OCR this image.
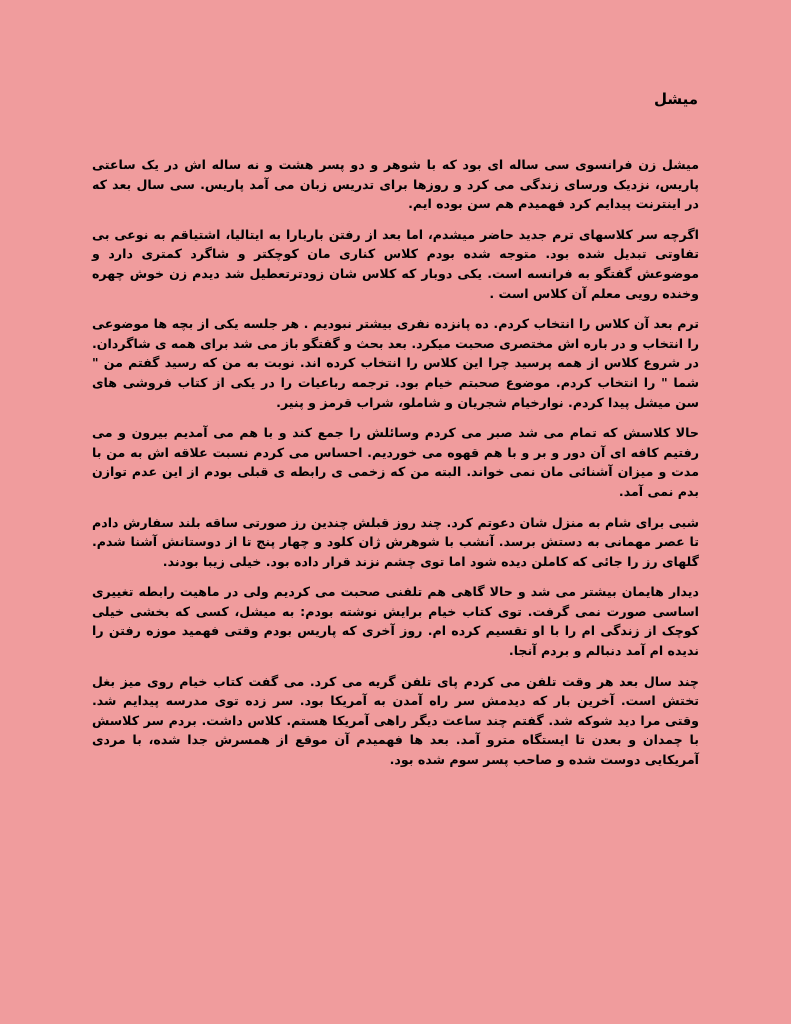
میشل

میشل زن فرانسوی سی ساله ای بود که با شوهر و دو پسر هشت و نه ساله اش در یک ساعتی پاریس، نزدیک ورسای زندگی می کرد و روزها برای تدریس زبان می آمد پاریس. سی سال بعد که در اینترنت پیدایم کرد فهمیدم هم سن بوده ایم.

اگرچه سر کلاسهای ترم جدید حاضر میشدم، اما بعد از رفتن باربارا به ایتالیا، اشتیاقم به نوعی بی تفاوتی تبدیل شده بود. متوجه شده بودم کلاس کناری مان کوچکتر و شاگرد کمتری دارد و موضوعش گفتگو به فرانسه است. یکی دوبار که کلاس شان زودترتعطیل شد دیدم زن خوش چهره وخنده رویی معلم آن کلاس است .

ترم بعد آن کلاس را انتخاب کردم. ده پانزده نفری بیشتر نبودیم . هر جلسه یکی از بچه ها موضوعی را انتخاب و در باره اش مختصری صحبت میکرد. بعد بحث و گفتگو باز می شد برای همه ی شاگردان. در شروع کلاس از همه پرسید چرا این کلاس را انتخاب کرده اند. نوبت به من که رسید گفتم من " شما " را انتخاب کردم. موضوع صحبتم خیام بود. ترجمه رباعیات را در یکی از کتاب فروشی های سن میشل پیدا کردم. نوارخیام شجریان و شاملو، شراب قرمز و پنیر.

حالا کلاسش که تمام می شد صبر می کردم وسائلش را جمع کند و با هم می آمدیم بیرون و می رفتیم کافه ای آن دور و بر و با هم قهوه می خوردیم. احساس می کردم نسبت علاقه اش به من با مدت و میزان آشنائی مان نمی خواند. البته من که زخمی ی رابطه ی قبلی بودم از این عدم توازن بدم نمی آمد.

شبی برای شام به منزل شان دعوتم کرد. چند روز قبلش چندین رز صورتی ساقه بلند سفارش دادم تا عصر مهمانی به دستش برسد. آنشب با شوهرش ژان کلود و چهار پنج تا از دوستانش آشنا شدم. گلهای رز را جائی که کاملن دیده شود اما توی چشم نزند قرار داده بود. خیلی زیبا بودند.

دیدار هایمان بیشتر می شد و حالا گاهی هم تلفنی صحبت می کردیم ولی در ماهیت رابطه تغییری اساسی صورت نمی گرفت. توی کتاب خیام برایش نوشته بودم: به میشل، کسی که بخشی خیلی کوچک از زندگی ام را با او تقسیم کرده ام. روز آخری که پاریس بودم وقتی فهمید موزه رفتن را ندیده ام آمد دنبالم و بردم آنجا.

چند سال بعد هر وقت تلفن می کردم پای تلفن گریه می کرد. می گفت کتاب خیام روی میز بغل تختش است. آخرین بار که دیدمش سر راه آمدن به آمریکا بود. سر زده توی مدرسه پیدایم شد. وقتی مرا دید شوکه شد. گفتم چند ساعت دیگر راهی آمریکا هستم. کلاس داشت. بردم سر کلاسش با چمدان و بعدن تا ایستگاه مترو آمد. بعد ها فهمیدم آن موقع از همسرش جدا شده، با مردی آمریکایی دوست شده و صاحب پسر سوم شده بود.
